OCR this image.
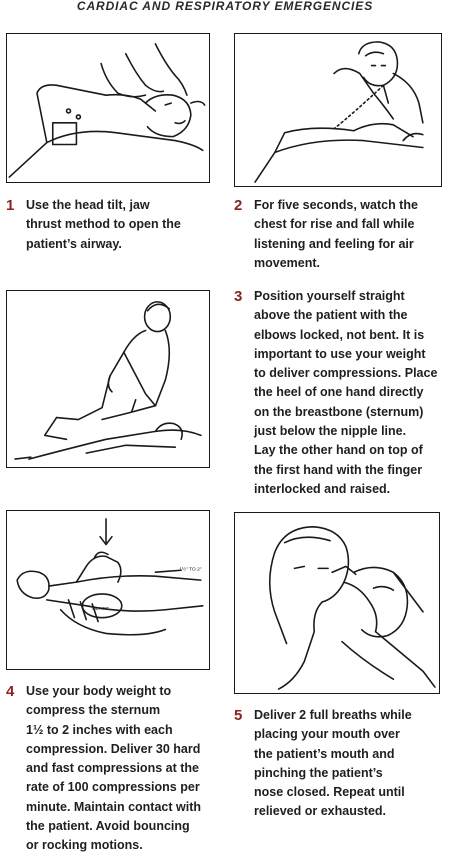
CARDIAC AND RESPIRATORY EMERGENCIES
1 Use the head tilt, jaw
thrust method to open the
patient’s airway.
2 For five seconds, watch the
chest for rise and fall while
listening and feeling for air
movement.
3 Position yourself straight
above the patient with the
elbows locked, not bent. It is
important to use your weight
to deliver compressions. Place
the heel of one hand directly
on the breastbone (sternum)
just below the nipple line.
Lay the other hand on top of
the first hand with the finger
interlocked and raised.
HEART
1½" TO 2"
4 Use your body weight to
compress the sternum
1½ to 2 inches with each
compression. Deliver 30 hard
and fast compressions at the
rate of 100 compressions per
minute. Maintain contact with
the patient. Avoid bouncing
or rocking motions.
5 Deliver 2 full breaths while
placing your mouth over
the patient’s mouth and
pinching the patient’s
nose closed. Repeat until
relieved or exhausted.
